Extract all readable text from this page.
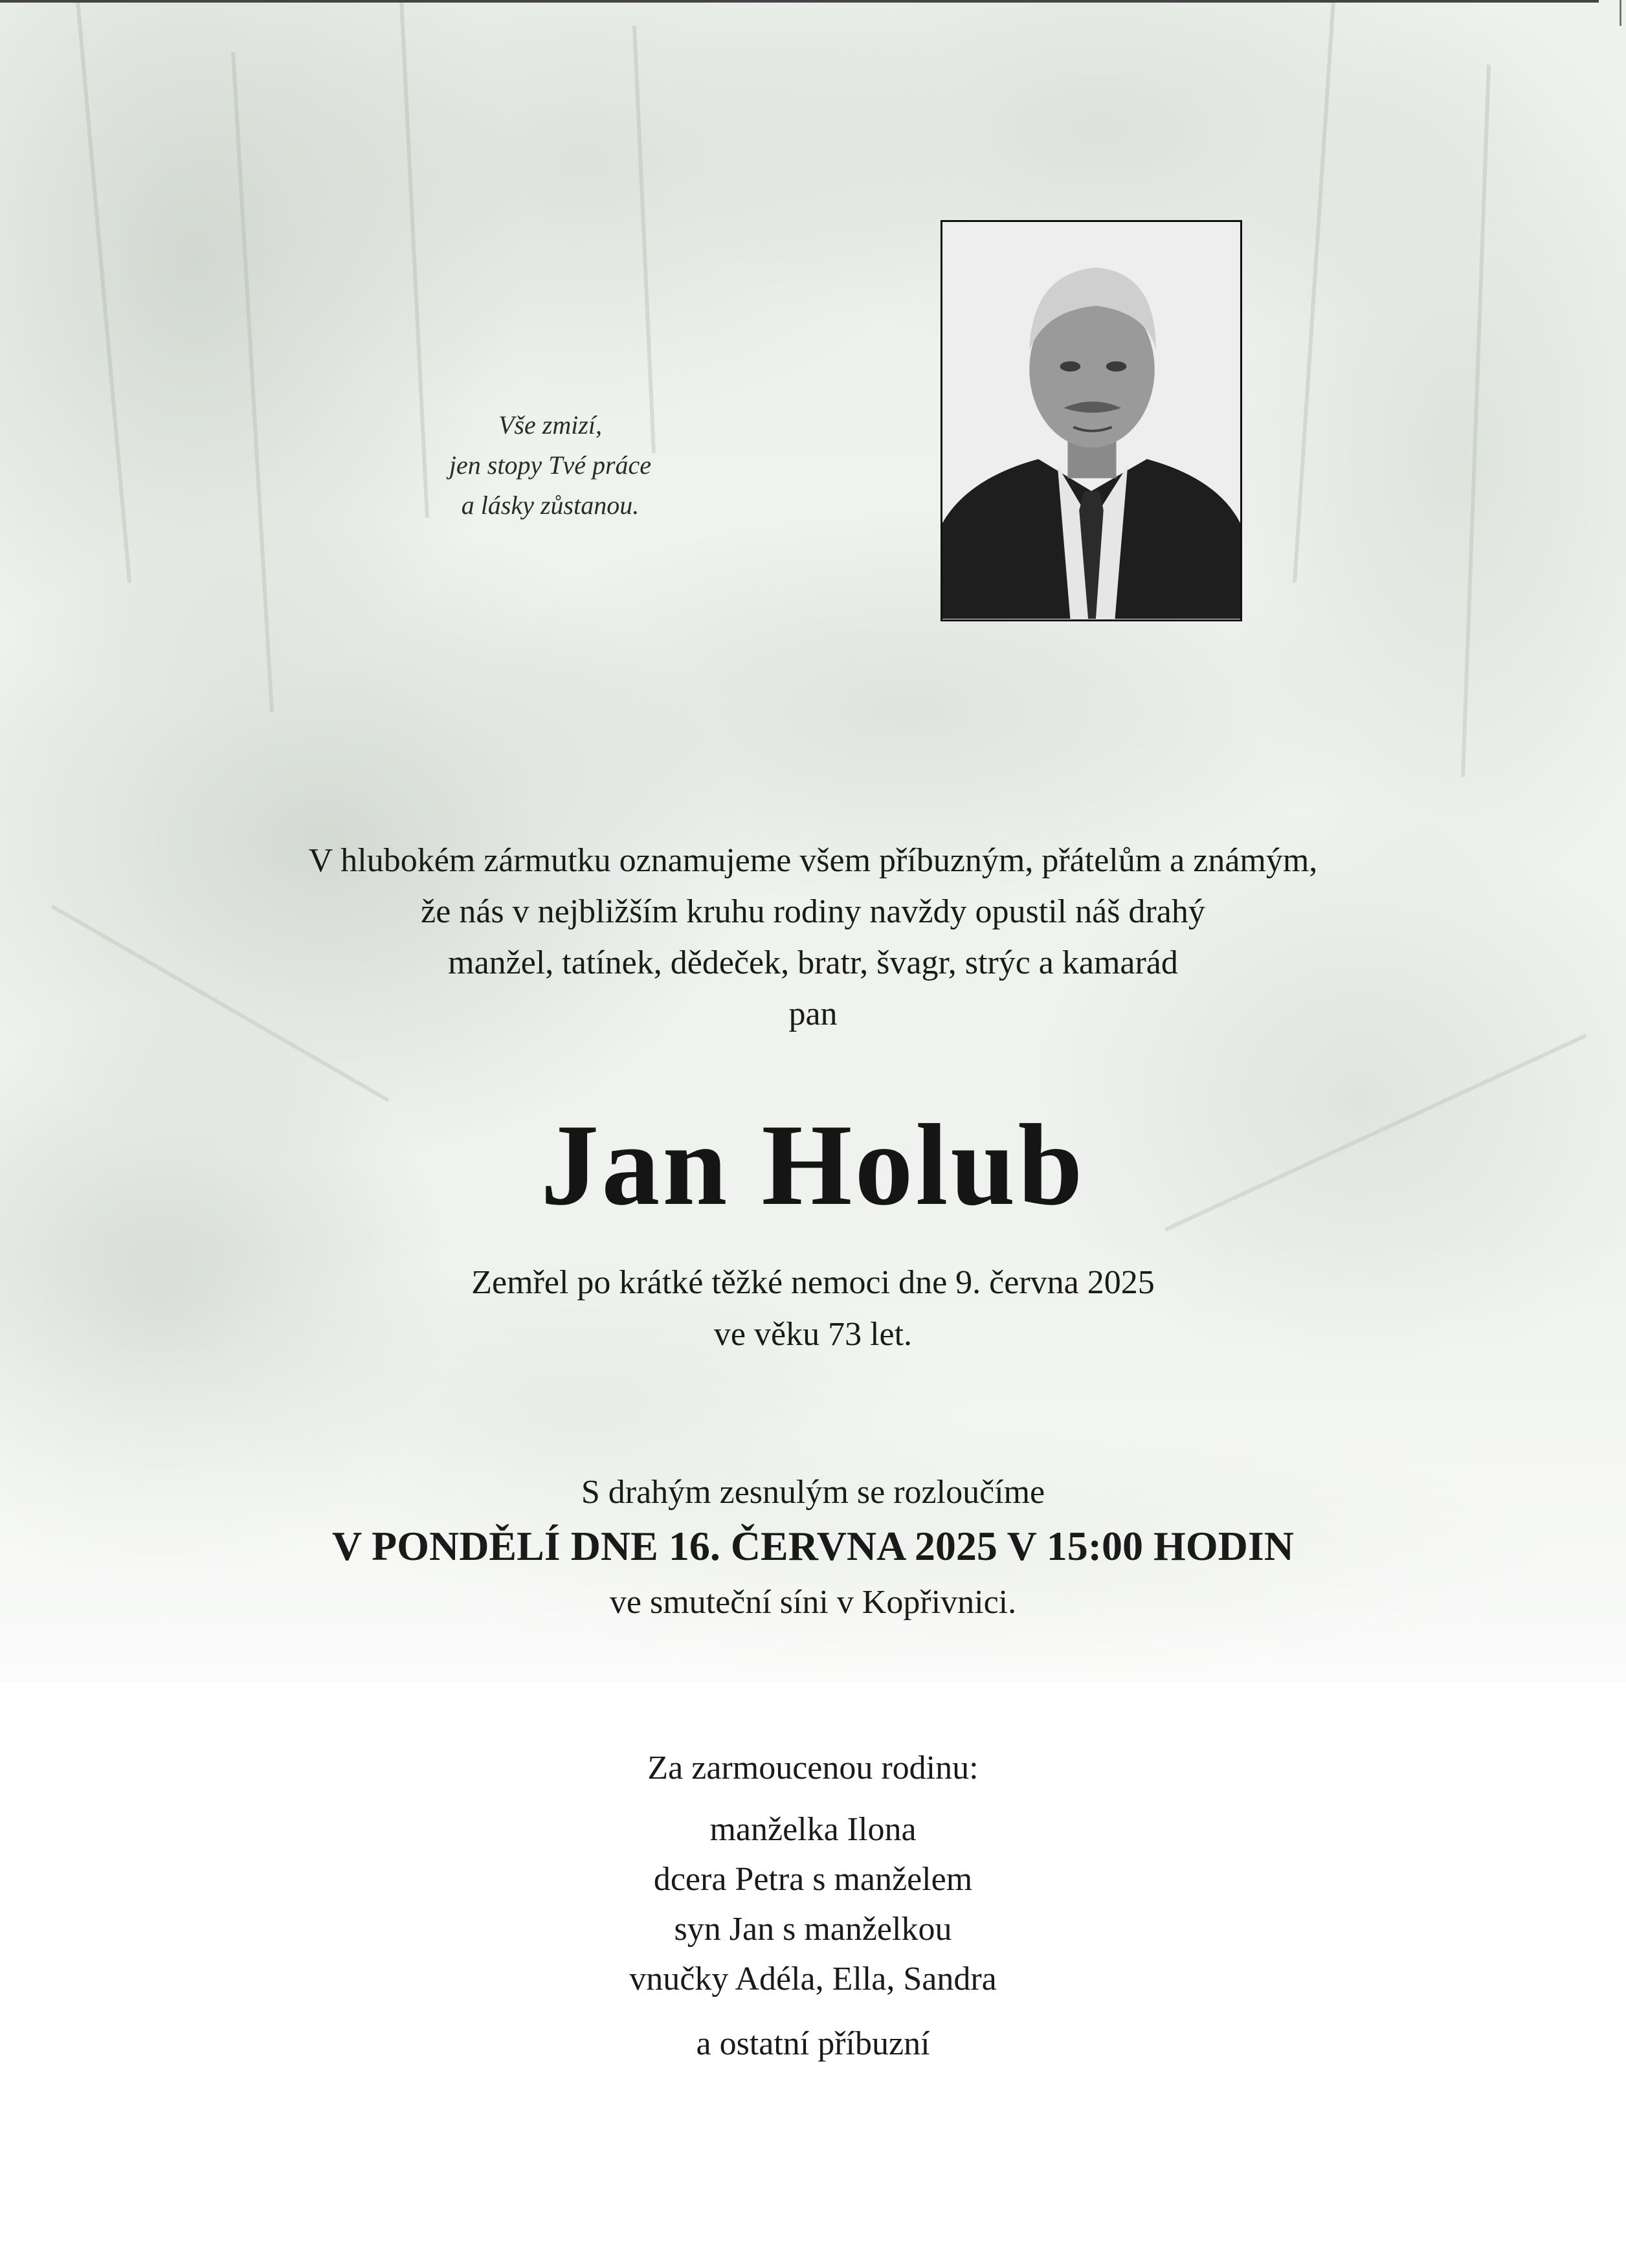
Vše zmizí,
jen stopy Tvé práce
a lásky zůstanou.
V hlubokém zármutku oznamujeme všem příbuzným, přátelům a známým,
že nás v nejbližším kruhu rodiny navždy opustil náš drahý
manžel, tatínek, dědeček, bratr, švagr, strýc a kamarád
pan
Jan Holub
Zemřel po krátké těžké nemoci dne 9. června 2025
ve věku 73 let.
S drahým zesnulým se rozloučíme
V PONDĚLÍ DNE 16. ČERVNA 2025 V 15:00 HODIN
ve smuteční síni v Kopřivnici.
Za zarmoucenou rodinu:
manželka Ilona
dcera Petra s manželem
syn Jan s manželkou
vnučky Adéla, Ella, Sandra
a ostatní příbuzní
